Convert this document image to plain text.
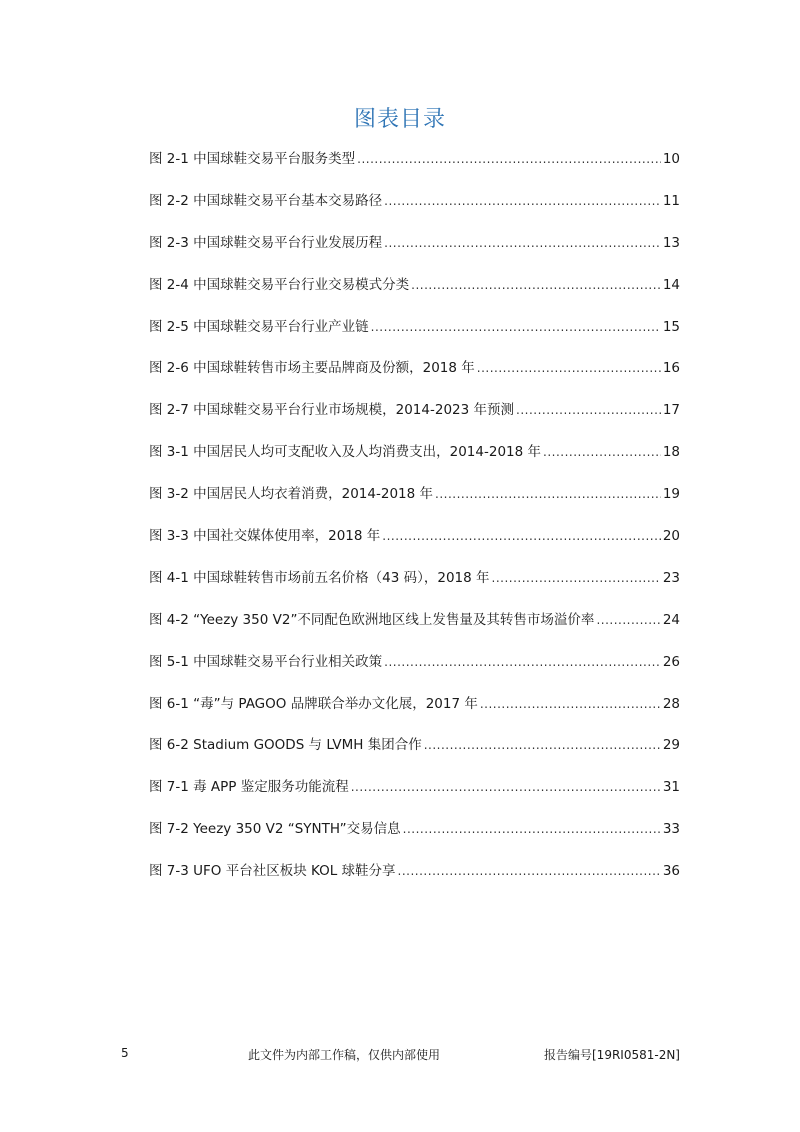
图表目录
图 2-1 中国球鞋交易平台服务类型 .....	10
图 2-2 中国球鞋交易平台基本交易路径 .....	11
图 2-3 中国球鞋交易平台行业发展历程 .....	13
图 2-4 中国球鞋交易平台行业交易模式分类 .....	14
图 2-5 中国球鞋交易平台行业产业链 .....	15
图 2-6 中国球鞋转售市场主要品牌商及份额，2018 年 .....	16
图 2-7 中国球鞋交易平台行业市场规模，2014-2023 年预测 .....	17
图 3-1 中国居民人均可支配收入及人均消费支出，2014-2018 年 .....	18
图 3-2 中国居民人均衣着消费，2014-2018 年 .....	19
图 3-3 中国社交媒体使用率，2018 年 .....	20
图 4-1 中国球鞋转售市场前五名价格（43 码），2018 年 .....	23
图 4-2 “Yeezy 350 V2”不同配色欧洲地区线上发售量及其转售市场溢价率 .....	24
图 5-1 中国球鞋交易平台行业相关政策 .....	26
图 6-1 “毒”与 PAGOO 品牌联合举办文化展，2017 年 .....	28
图 6-2 Stadium GOODS 与 LVMH 集团合作 .....	29
图 7-1 毒 APP 鉴定服务功能流程 .....	31
图 7-2 Yeezy 350 V2 “SYNTH”交易信息 .....	33
图 7-3 UFO 平台社区板块 KOL 球鞋分享 .....	36
5	此文件为内部工作稿，仅供内部使用	报告编号[19RI0581-2N]
